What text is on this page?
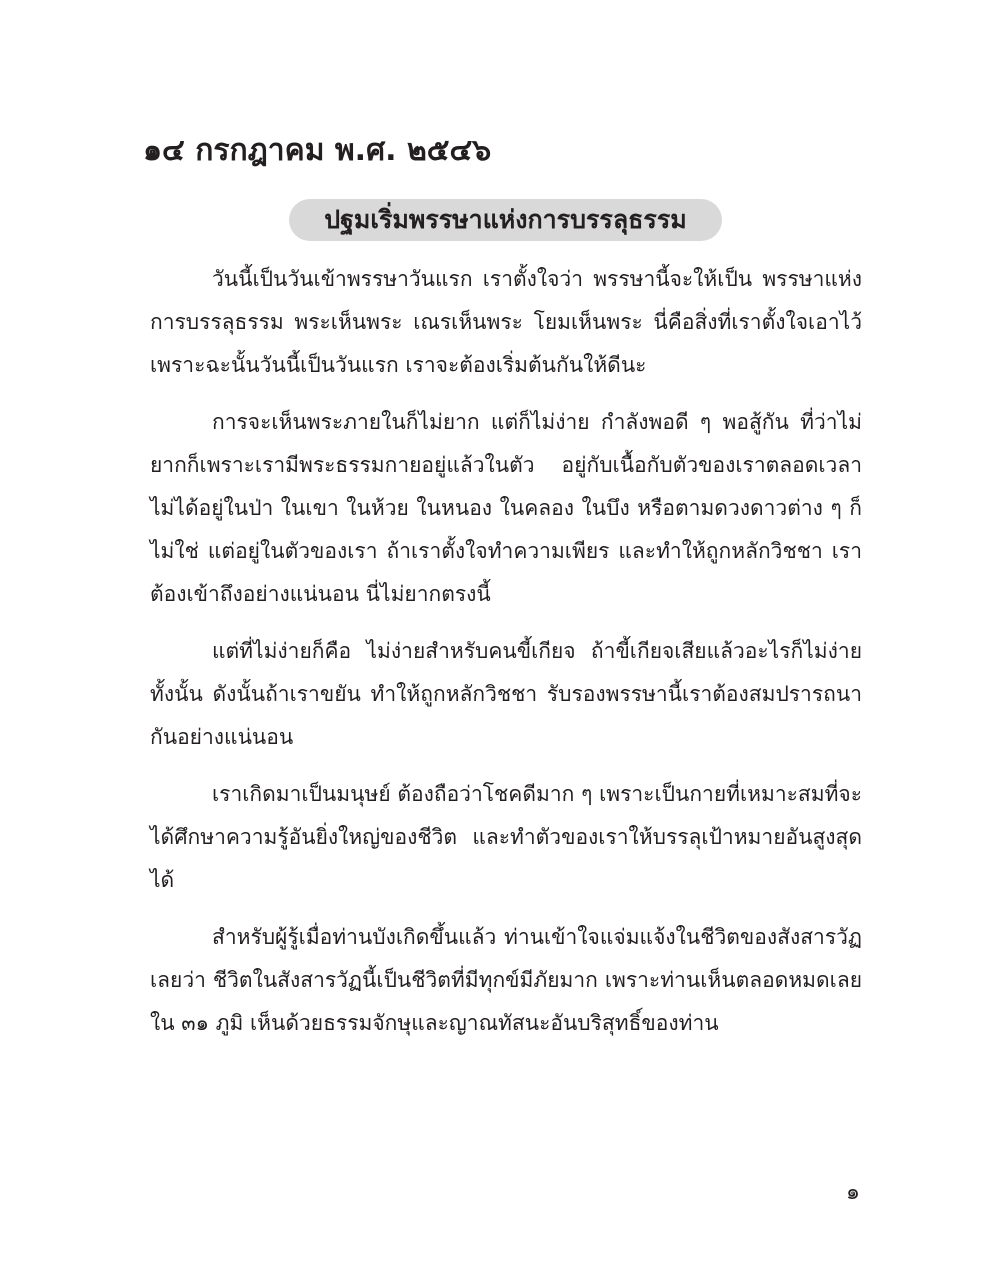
๑๔ กรกฎาคม พ.ศ. ๒๕๔๖
ปฐมเริ่มพรรษาแห่งการบรรลุธรรม

วันนี้เป็นวันเข้าพรรษาวันแรก เราตั้งใจว่า พรรษานี้จะให้เป็น พรรษาแห่งการบรรลุธรรม พระเห็นพระ เณรเห็นพระ โยมเห็นพระ นี่คือสิ่งที่เราตั้งใจเอาไว้ เพราะฉะนั้นวันนี้เป็นวันแรก เราจะต้องเริ่มต้นกันให้ดีนะ

การจะเห็นพระภายในก็ไม่ยาก แต่ก็ไม่ง่าย กำลังพอดี ๆ พอสู้กัน ที่ว่าไม่ยากก็เพราะเรามีพระธรรมกายอยู่แล้วในตัว อยู่กับเนื้อกับตัวของเราตลอดเวลา ไม่ได้อยู่ในป่า ในเขา ในห้วย ในหนอง ในคลอง ในบึง หรือตามดวงดาวต่าง ๆ ก็ไม่ใช่ แต่อยู่ในตัวของเรา ถ้าเราตั้งใจทำความเพียร และทำให้ถูกหลักวิชชา เราต้องเข้าถึงอย่างแน่นอน นี่ไม่ยากตรงนี้

แต่ที่ไม่ง่ายก็คือ ไม่ง่ายสำหรับคนขี้เกียจ ถ้าขี้เกียจเสียแล้วอะไรก็ไม่ง่ายทั้งนั้น ดังนั้นถ้าเราขยัน ทำให้ถูกหลักวิชชา รับรองพรรษานี้เราต้องสมปรารถนากันอย่างแน่นอน

เราเกิดมาเป็นมนุษย์ ต้องถือว่าโชคดีมาก ๆ เพราะเป็นกายที่เหมาะสมที่จะได้ศึกษาความรู้อันยิ่งใหญ่ของชีวิต และทำตัวของเราให้บรรลุเป้าหมายอันสูงสุดได้

สำหรับผู้รู้เมื่อท่านบังเกิดขึ้นแล้ว ท่านเข้าใจแจ่มแจ้งในชีวิตของสังสารวัฏเลยว่า ชีวิตในสังสารวัฏนี้เป็นชีวิตที่มีทุกข์มีภัยมาก เพราะท่านเห็นตลอดหมดเลยใน ๓๑ ภูมิ เห็นด้วยธรรมจักษุและญาณทัสนะอันบริสุทธิ์ของท่าน

๑
